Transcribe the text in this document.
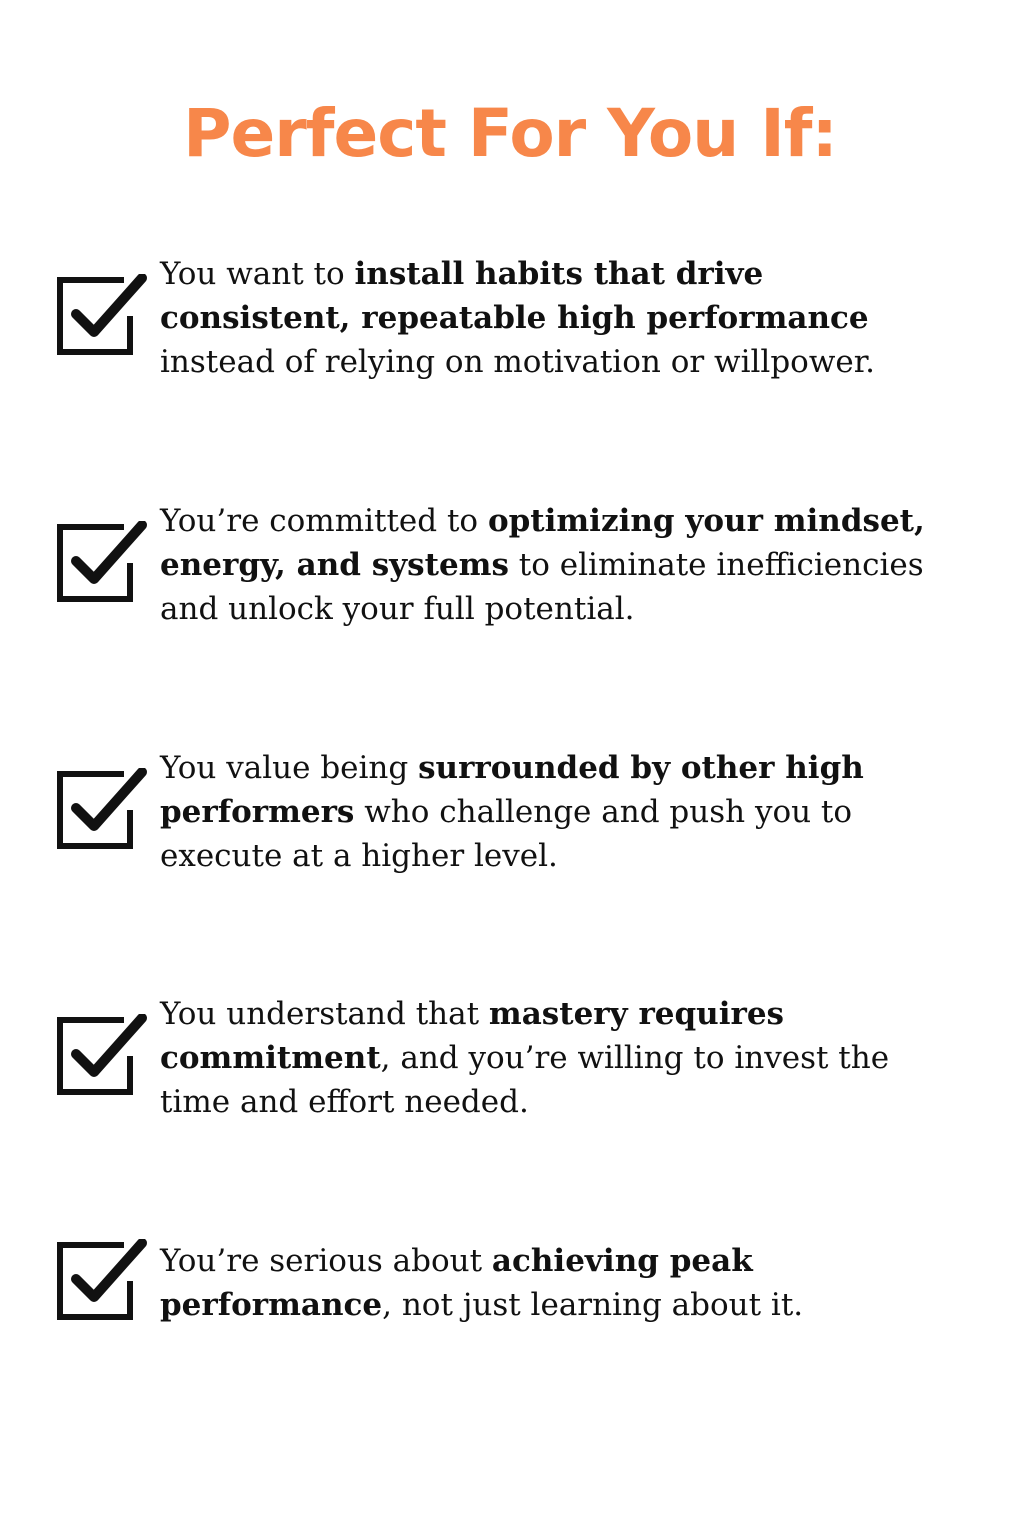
Perfect For You If:

You want to install habits that drive consistent, repeatable high performance instead of relying on motivation or willpower.

You’re committed to optimizing your mindset, energy, and systems to eliminate inefficiencies and unlock your full potential.

You value being surrounded by other high performers who challenge and push you to execute at a higher level.

You understand that mastery requires commitment, and you’re willing to invest the time and effort needed.

You’re serious about achieving peak performance, not just learning about it.
